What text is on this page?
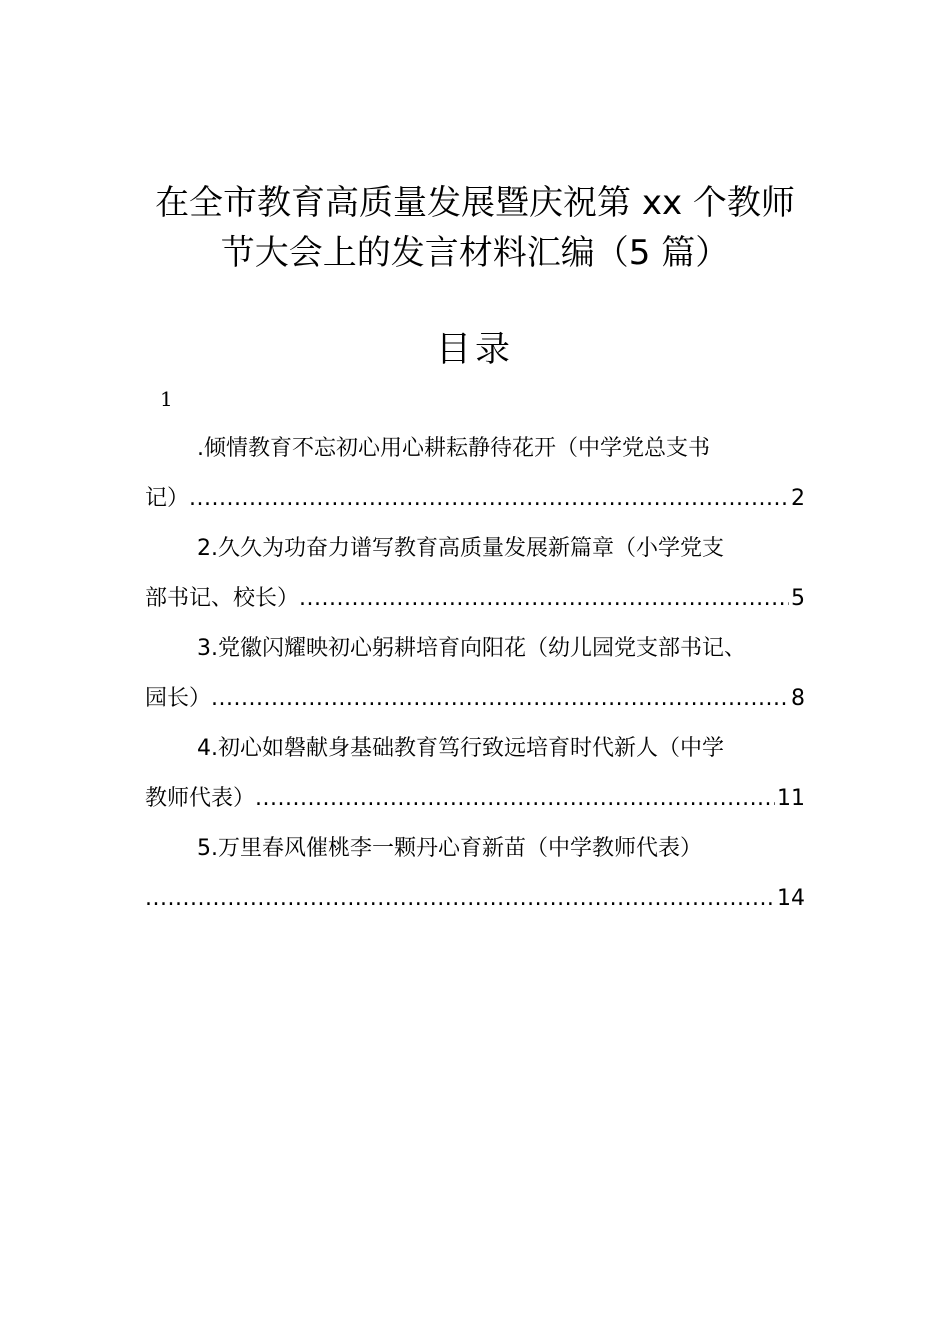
在全市教育高质量发展暨庆祝第 xx 个教师
节大会上的发言材料汇编（5 篇）
目录
1
.倾情教育不忘初心用心耕耘静待花开（中学党总支书
记） .....	2
2.久久为功奋力谱写教育高质量发展新篇章（小学党支
部书记、校长） .....	5
3.党徽闪耀映初心躬耕培育向阳花（幼儿园党支部书记、
园长） .....	8
4.初心如磐献身基础教育笃行致远培育时代新人（中学
教师代表） .....	11
5.万里春风催桃李一颗丹心育新苗（中学教师代表）
.....
14
